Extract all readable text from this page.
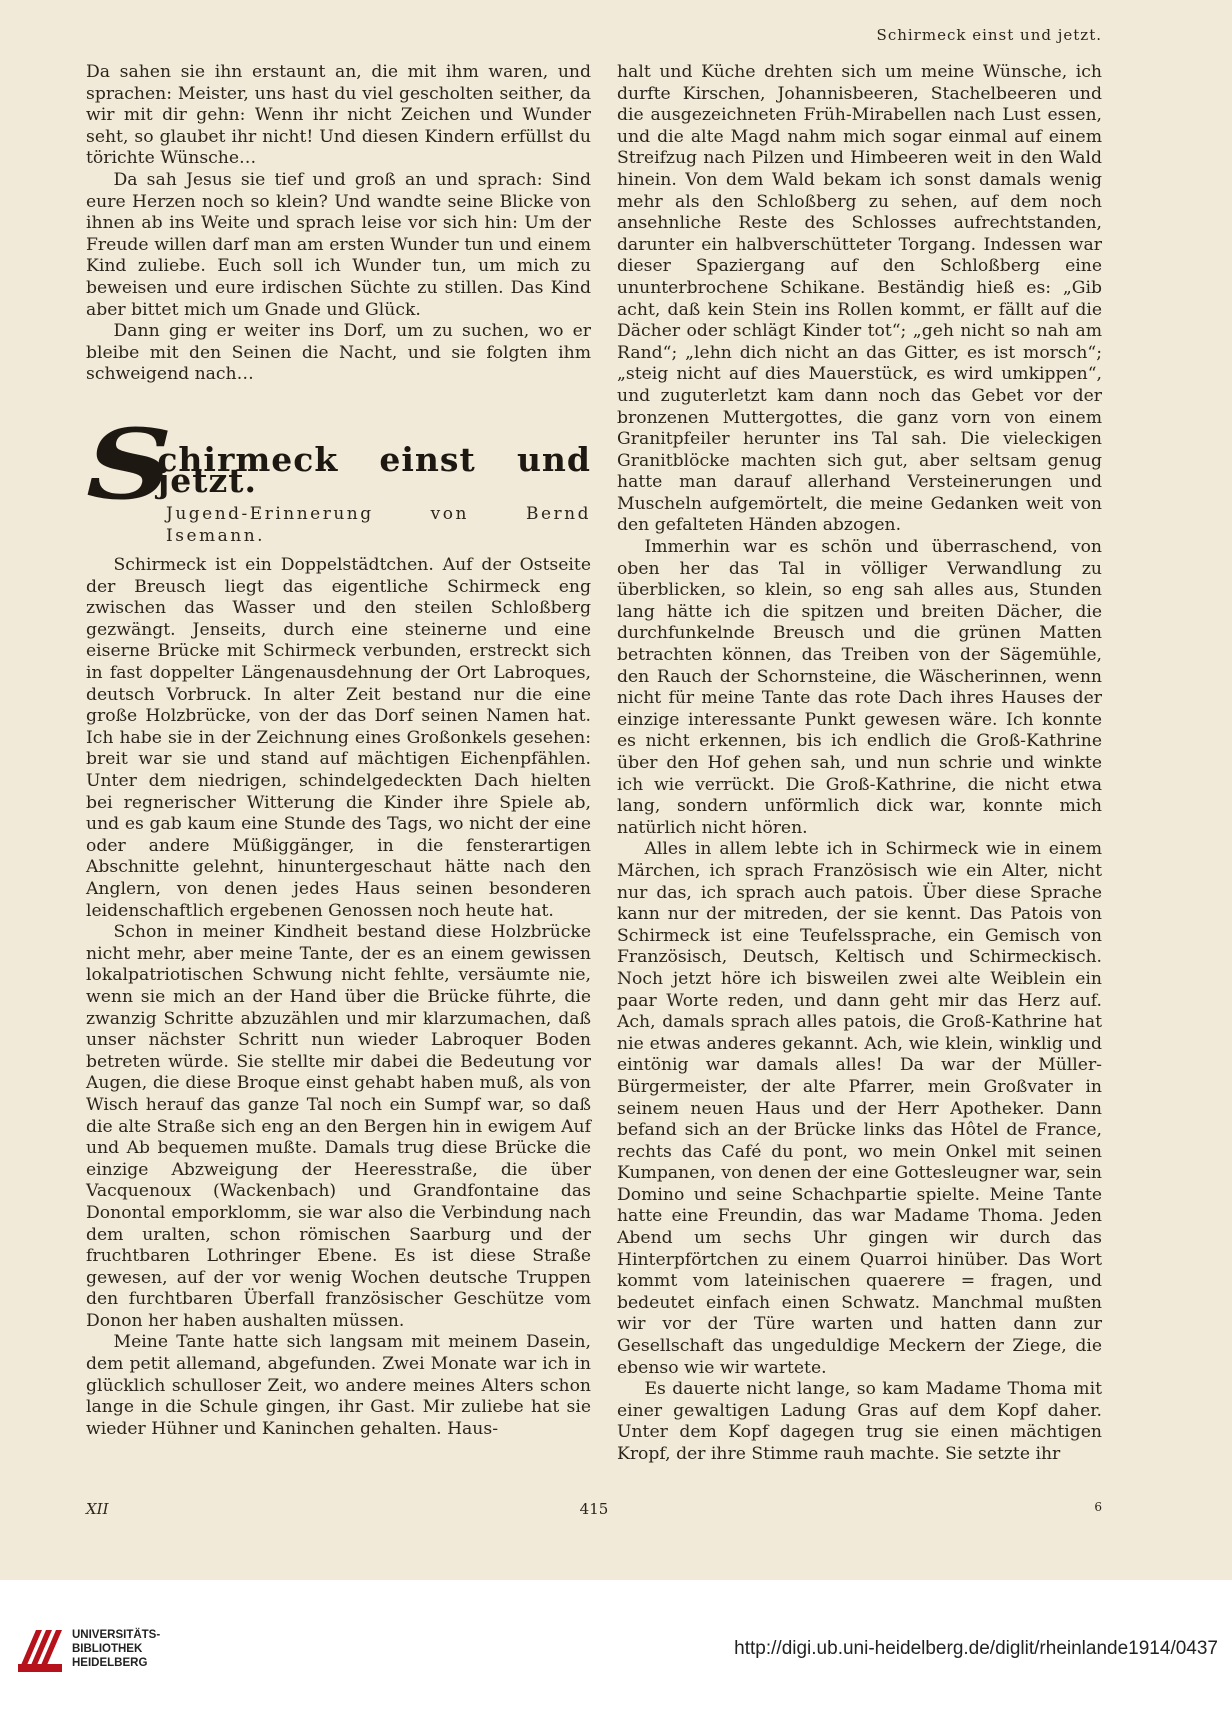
Schirmeck einst und jetzt.

Da sahen sie ihn erstaunt an, die mit ihm waren, und sprachen: Meister, uns hast du viel gescholten seither, da wir mit dir gehn: Wenn ihr nicht Zeichen und Wunder seht, so glaubet ihr nicht! Und diesen Kindern erfüllst du törichte Wünsche…

Da sah Jesus sie tief und groß an und sprach: Sind eure Herzen noch so klein? Und wandte seine Blicke von ihnen ab ins Weite und sprach leise vor sich hin: Um der Freude willen darf man am ersten Wunder tun und einem Kind zuliebe. Euch soll ich Wunder tun, um mich zu beweisen und eure irdischen Süchte zu stillen. Das Kind aber bittet mich um Gnade und Glück.

Dann ging er weiter ins Dorf, um zu suchen, wo er bleibe mit den Seinen die Nacht, und sie folgten ihm schweigend nach…

S
chirmeck einst und jetzt.
Jugend-Erinnerung von Bernd Isemann.

Schirmeck ist ein Doppelstädtchen. Auf der Ostseite der Breusch liegt das eigentliche Schirmeck eng zwischen das Wasser und den steilen Schloßberg gezwängt. Jenseits, durch eine steinerne und eine eiserne Brücke mit Schirmeck verbunden, erstreckt sich in fast doppelter Längenausdehnung der Ort Labroques, deutsch Vorbruck. In alter Zeit bestand nur die eine große Holzbrücke, von der das Dorf seinen Namen hat. Ich habe sie in der Zeichnung eines Großonkels gesehen: breit war sie und stand auf mächtigen Eichenpfählen. Unter dem niedrigen, schindelgedeckten Dach hielten bei regnerischer Witterung die Kinder ihre Spiele ab, und es gab kaum eine Stunde des Tags, wo nicht der eine oder andere Müßiggänger, in die fensterartigen Abschnitte gelehnt, hinuntergeschaut hätte nach den Anglern, von denen jedes Haus seinen besonderen leidenschaftlich ergebenen Genossen noch heute hat.

Schon in meiner Kindheit bestand diese Holzbrücke nicht mehr, aber meine Tante, der es an einem gewissen lokalpatriotischen Schwung nicht fehlte, versäumte nie, wenn sie mich an der Hand über die Brücke führte, die zwanzig Schritte abzuzählen und mir klarzumachen, daß unser nächster Schritt nun wieder Labroquer Boden betreten würde. Sie stellte mir dabei die Bedeutung vor Augen, die diese Broque einst gehabt haben muß, als von Wisch herauf das ganze Tal noch ein Sumpf war, so daß die alte Straße sich eng an den Bergen hin in ewigem Auf und Ab bequemen mußte. Damals trug diese Brücke die einzige Abzweigung der Heeresstraße, die über Vacquenoux (Wackenbach) und Grandfontaine das Donontal emporklomm, sie war also die Verbindung nach dem uralten, schon römischen Saarburg und der fruchtbaren Lothringer Ebene. Es ist diese Straße gewesen, auf der vor wenig Wochen deutsche Truppen den furchtbaren Überfall französischer Geschütze vom Donon her haben aushalten müssen.

Meine Tante hatte sich langsam mit meinem Dasein, dem petit allemand, abgefunden. Zwei Monate war ich in glücklich schulloser Zeit, wo andere meines Alters schon lange in die Schule gingen, ihr Gast. Mir zuliebe hat sie wieder Hühner und Kaninchen gehalten. Haus-

halt und Küche drehten sich um meine Wünsche, ich durfte Kirschen, Johannisbeeren, Stachelbeeren und die ausgezeichneten Früh-Mirabellen nach Lust essen, und die alte Magd nahm mich sogar einmal auf einem Streifzug nach Pilzen und Himbeeren weit in den Wald hinein. Von dem Wald bekam ich sonst damals wenig mehr als den Schloßberg zu sehen, auf dem noch ansehnliche Reste des Schlosses aufrechtstanden, darunter ein halbverschütteter Torgang. Indessen war dieser Spaziergang auf den Schloßberg eine ununterbrochene Schikane. Beständig hieß es: „Gib acht, daß kein Stein ins Rollen kommt, er fällt auf die Dächer oder schlägt Kinder tot“; „geh nicht so nah am Rand“; „lehn dich nicht an das Gitter, es ist morsch“; „steig nicht auf dies Mauerstück, es wird umkippen“, und zuguterletzt kam dann noch das Gebet vor der bronzenen Muttergottes, die ganz vorn von einem Granitpfeiler herunter ins Tal sah. Die vieleckigen Granitblöcke machten sich gut, aber seltsam genug hatte man darauf allerhand Versteinerungen und Muscheln aufgemörtelt, die meine Gedanken weit von den gefalteten Händen abzogen.

Immerhin war es schön und überraschend, von oben her das Tal in völliger Verwandlung zu überblicken, so klein, so eng sah alles aus, Stunden lang hätte ich die spitzen und breiten Dächer, die durchfunkelnde Breusch und die grünen Matten betrachten können, das Treiben von der Sägemühle, den Rauch der Schornsteine, die Wäscherinnen, wenn nicht für meine Tante das rote Dach ihres Hauses der einzige interessante Punkt gewesen wäre. Ich konnte es nicht erkennen, bis ich endlich die Groß-Kathrine über den Hof gehen sah, und nun schrie und winkte ich wie verrückt. Die Groß-Kathrine, die nicht etwa lang, sondern unförmlich dick war, konnte mich natürlich nicht hören.

Alles in allem lebte ich in Schirmeck wie in einem Märchen, ich sprach Französisch wie ein Alter, nicht nur das, ich sprach auch patois. Über diese Sprache kann nur der mitreden, der sie kennt. Das Patois von Schirmeck ist eine Teufelssprache, ein Gemisch von Französisch, Deutsch, Keltisch und Schirmeckisch. Noch jetzt höre ich bisweilen zwei alte Weiblein ein paar Worte reden, und dann geht mir das Herz auf. Ach, damals sprach alles patois, die Groß-Kathrine hat nie etwas anderes gekannt. Ach, wie klein, winklig und eintönig war damals alles! Da war der Müller-Bürgermeister, der alte Pfarrer, mein Großvater in seinem neuen Haus und der Herr Apotheker. Dann befand sich an der Brücke links das Hôtel de France, rechts das Café du pont, wo mein Onkel mit seinen Kumpanen, von denen der eine Gottesleugner war, sein Domino und seine Schachpartie spielte. Meine Tante hatte eine Freundin, das war Madame Thoma. Jeden Abend um sechs Uhr gingen wir durch das Hinterpförtchen zu einem Quarroi hinüber. Das Wort kommt vom lateinischen quaerere = fragen, und bedeutet einfach einen Schwatz. Manchmal mußten wir vor der Türe warten und hatten dann zur Gesellschaft das ungeduldige Meckern der Ziege, die ebenso wie wir wartete.

Es dauerte nicht lange, so kam Madame Thoma mit einer gewaltigen Ladung Gras auf dem Kopf daher. Unter dem Kopf dagegen trug sie einen mächtigen Kropf, der ihre Stimme rauh machte. Sie setzte ihr

XII	415	6
UNIVERSITÄTS-
BIBLIOTHEK
HEIDELBERG
http://digi.ub.uni-heidelberg.de/diglit/rheinlande1914/0437
